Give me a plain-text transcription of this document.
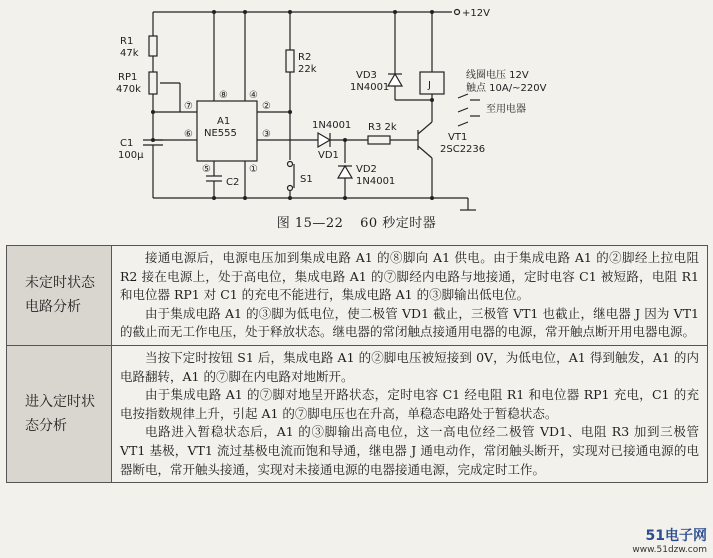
+12V
R1
47k
RP1
470k
C1
100μ
R2
22k
A1
NE555
⑧ ④
⑦	②
⑥	③
⑤	①
C2
VD3
1N4001	J
线圈电压 12V
触点 10A/~220V
至用电器
1N4001
VD1
R3 2k
VT1
2SC2236
VD2
1N4001
S1
图 15—22 60 秒定时器
未定时状态电路分析	接通电源后，电源电压加到集成电路 A1 的⑧脚向 A1 供电。由于集成电路 A1 的②脚经上拉电阻 R2 接在电源上，处于高电位，集成电路 A1 的⑦脚经内电路与地接通，定时电容 C1 被短路，电阻 R1 和电位器 RP1 对 C1 的充电不能进行，集成电路 A1 的③脚输出低电位。

由于集成电路 A1 的③脚为低电位，使二极管 VD1 截止，三极管 VT1 也截止，继电器 J 因为 VT1 的截止而无工作电压，处于释放状态。继电器的常闭触点接通用电器的电源，常开触点断开用电器电源。

进入定时状态分析	当按下定时按钮 S1 后，集成电路 A1 的②脚电压被短接到 0V，为低电位，A1 得到触发，A1 的内电路翻转，A1 的⑦脚在内电路对地断开。

由于集成电路 A1 的⑦脚对地呈开路状态，定时电容 C1 经电阻 R1 和电位器 RP1 充电，C1 的充电按指数规律上升，引起 A1 的⑦脚电压也在升高，单稳态电路处于暂稳状态。

电路进入暂稳状态后，A1 的③脚输出高电位，这一高电位经二极管 VD1、电阻 R3 加到三极管 VT1 基极，VT1 流过基极电流而饱和导通，继电器 J 通电动作，常闭触头断开，实现对已接通电源的电器断电，常开触头接通，实现对未接通电源的电器接通电源，完成定时工作。

51电子网
www.51dzw.com
